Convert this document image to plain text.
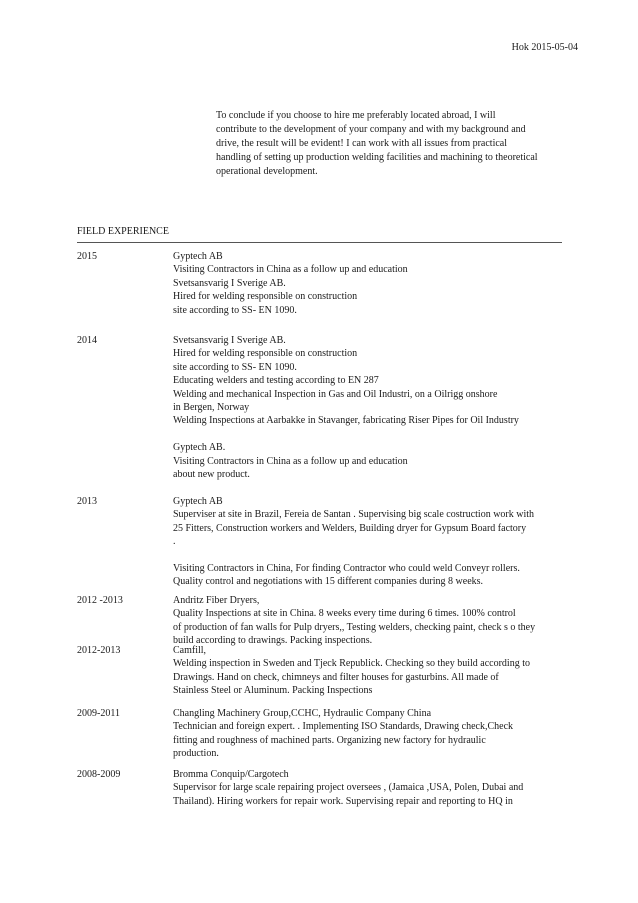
Hok 2015-05-04
To conclude if you choose to hire me preferably located abroad, I will
contribute to the development of your company and with my background and
drive, the result will be evident! I can work with all issues from practical
handling of setting up production welding facilities and machining to theoretical
operational development.
FIELD EXPERIENCE
2015	Gyptech AB
Visiting Contractors in China as a follow up and education
Svetsansvarig I Sverige AB.
Hired for welding responsible on construction
site according to SS- EN 1090.
2014	Svetsansvarig I Sverige AB.
Hired for welding responsible on construction
site according to SS- EN 1090.
Educating welders and testing according to EN 287
Welding and mechanical Inspection in Gas and Oil Industri, on a Oilrigg onshore
in Bergen, Norway
Welding Inspections at Aarbakke in Stavanger, fabricating Riser Pipes for Oil Industry
Gyptech AB.
Visiting Contractors in China as a follow up and education
about new product.
2013	Gyptech AB
Superviser at site in Brazil, Fereia de Santan . Supervising big scale costruction work with
25 Fitters, Construction workers and Welders, Building dryer for Gypsum Board factory
.
Visiting Contractors in China, For finding Contractor who could weld Conveyr rollers.
Quality control and negotiations with 15 different companies during 8 weeks.
2012 -2013	Andritz Fiber Dryers,
Quality Inspections at site in China. 8 weeks every time during 6 times. 100% control
of production of fan walls for Pulp dryers,, Testing welders, checking paint, check s o they
build according to drawings. Packing inspections.
2012-2013	Camfill,
Welding inspection in Sweden and Tjeck Republick. Checking so they build according to
Drawings. Hand on check, chimneys and filter houses for gasturbins. All made of
Stainless Steel or Aluminum. Packing Inspections
2009-2011	Changling Machinery Group,CCHC, Hydraulic Company China
Technician and foreign expert. . Implementing ISO Standards, Drawing check,Check
fitting and roughness of machined parts. Organizing new factory for hydraulic
production.
2008-2009	Bromma Conquip/Cargotech
Supervisor for large scale repairing project oversees , (Jamaica ,USA, Polen, Dubai and
Thailand). Hiring workers for repair work. Supervising repair and reporting to HQ in
